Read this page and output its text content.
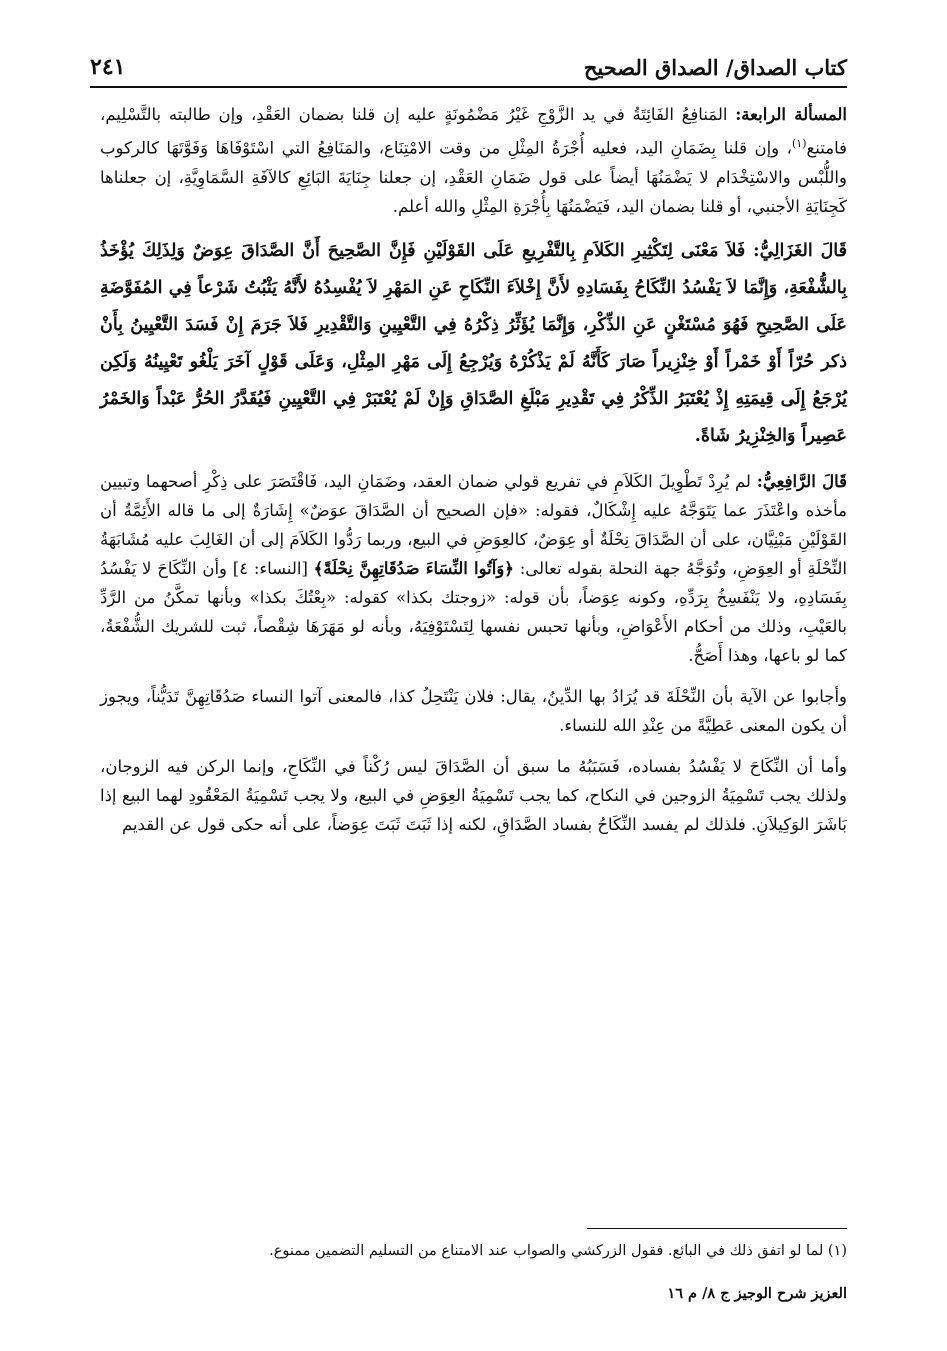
كتاب الصداق/ الصداق الصحيح
٢٤١

المسألة الرابعة: المَنافِعُ الفَائِتَةُ في يد الزَّوْجِ غَيْرُ مَضْمُونَةٍ عليه إن قلنا بضمان العَقْدِ، وإن طالبته بالتَّسْلِيم، فامتنع$^{(١)}$، وإن قلنا بِضَمَانِ اليد، فعليه أُجْرَةُ المِثْلِ من وقت الامْتِنَاع، والمَنَافِعُ التي اسْتَوْفَاهَا وَفَوَّتَهَا كالركوب واللُّبْس والاسْتِخْدَام لا يَضْمَنُهَا أيضاً على قول ضَمَانِ العَقْدِ، إن جعلنا جِنَايَةَ البَائِعِ كالآفَةِ السَّمَاوِيَّةِ، إن جعلناها كَجِنَايَةِ الأجنبي، أو قلنا بضمان اليد، فَيَضْمَنُهَا بِأُجْرَةِ المِثْلِ والله أعلم.

قَالَ الغَزَالِيُّ: فَلاَ مَعْنَى لِتَكْثِيرِ الكَلاَمِ بِالتَّفْرِيعِ عَلَى القَوْلَيْنِ فَإِنَّ الصَّحِيحَ أَنَّ الصَّدَاقَ عِوَضٌ وَلِذَلِكَ يُؤْخَذُ بِالشُّفْعَةِ، وَإِنَّمَا لاَ يَفْسُدُ النِّكَاحُ بِفَسَادِهِ لأَنَّ إِخْلاَءَ النِّكَاحِ عَنِ المَهْرِ لاَ يُفْسِدُهُ لأَنَّهُ يَثْبُتُ شَرْعاً فِي المُفَوَّضَةِ عَلَى الصَّحِيحِ فَهُوَ مُسْتَغْنٍ عَنِ الذِّكْرِ، وَإِنَّمَا يُؤَثِّرُ ذِكْرُهُ فِي التَّعْيِينِ وَالتَّقْدِيرِ فَلاَ جَرَمَ إِنْ فَسَدَ التَّعْيِينُ بِأَنْ ذكر حُرّاً أَوْ خَمْراً أَوْ خِنْزِيراً صَارَ كَأَنَّهُ لَمْ يَذْكُرْهُ وَيُرْجِعُ إِلَى مَهْرِ المِثْلِ، وَعَلَى قَوْلٍ آخَرَ يَلْغُو تَعْيِينُهُ وَلَكِن يُرْجَعُ إِلَى قِيمَتِهِ إِذْ يُعْتَبَرُ الذِّكْرُ فِي تَقْدِيرِ مَبْلَغِ الصَّدَاقِ وَإِنْ لَمْ يُعْتَبَرْ فِي التَّعْيِينِ فَيُقَدَّرُ الحُرُّ عَبْداً وَالخَمْرُ عَصِيراً وَالخِنْزِيرُ شَاةً.

قَالَ الرَّافِعِيُّ: لم يُرِدْ تَطْوِيلَ الكَلاَمِ في تفريع قولي ضمان العقد، وضَمَانِ اليد، فَاقْتَصَرَ على ذِكْرِ أصحهما وتبيين مأخذه واعْتَذَرَ عما يَتَوَجَّهُ عليه إِشْكَالٌ، فقوله: «فإن الصحيح أن الصَّدَاقَ عوَضٌ» إِشَارَةٌ إلى ما قاله الأَئِمَّةُ أن القَوْلَيْنِ مَبْنِيَّان، على أن الصَّدَاقَ نِحْلَةٌ أو عِوَضٌ، كالعِوَضِ في البيع، وربما رَدُّوا الكَلاَمَ إلى أن الغَالِبَ عليه مُشَابَهَةُ النِّحْلَةِ أو العِوَضِ، وتُوَجَّهُ جهة النحلة بقوله تعالى: ﴿وَآتُوا النِّسَاءَ صَدُقَاتِهِنَّ نِحْلَةً﴾ [النساء: ٤] وأن النِّكَاحَ لا يَفْسُدُ بِفَسَادِهِ، ولا يَنْفَسِخُ بِرَدِّهِ، وكونه عِوَضاً، بأن قوله: «زوجتك بكذا» كقوله: «بِعْتُكَ بكذا» وبأنها تمكَّنُ من الرَّدِّ بالعَيْبِ، وذلك من أحكام الأَعْوَاضِ، وبأنها تحبس نفسها لِتَسْتَوْفِيَهُ، وبأنه لو مَهَرَهَا شِقْصاً، ثبت للشريك الشُّفْعَةُ، كما لو باعها، وهذا أَصَحُّ.

وأجابوا عن الآية بأن النِّحْلَةَ قد يُرَادُ بها الدِّينُ، يقال: فلان يَنْتَحِلُ كذا، فالمعنى آتوا النساء صَدُقَاتِهِنَّ تَدَيُّناً، ويجوز أن يكون المعنى عَطِيَّةً من عِنْدِ الله للنساء.

وأما أن النِّكَاحَ لا يَفْسُدُ بفساده، فَسَبَبُهُ ما سبق أن الصَّدَاقَ ليس رُكْناً في النِّكَاحِ، وإنما الركن فيه الزوجان، ولذلك يجب تَسْمِيَةُ الزوجين في النكاح، كما يجب تَسْمِيَةُ العِوَضِ في البيع، ولا يجب تَسْمِيَةُ المَعْقُودِ لهما البيع إذا بَاشَرَ الوَكِيلاَنِ. فلذلك لم يفسد النِّكَاحُ بفساد الصَّدَاقِ، لكنه إذا ثَبَتَ ثَبَتَ عِوَضاً، على أنه حكى قول عن القديم

(١) لما لو اتفق ذلك في البائع. فقول الزركشي والصواب عند الامتناع من التسليم التضمين ممنوع.
العزيز شرح الوجيز ج ٨/ م ١٦
